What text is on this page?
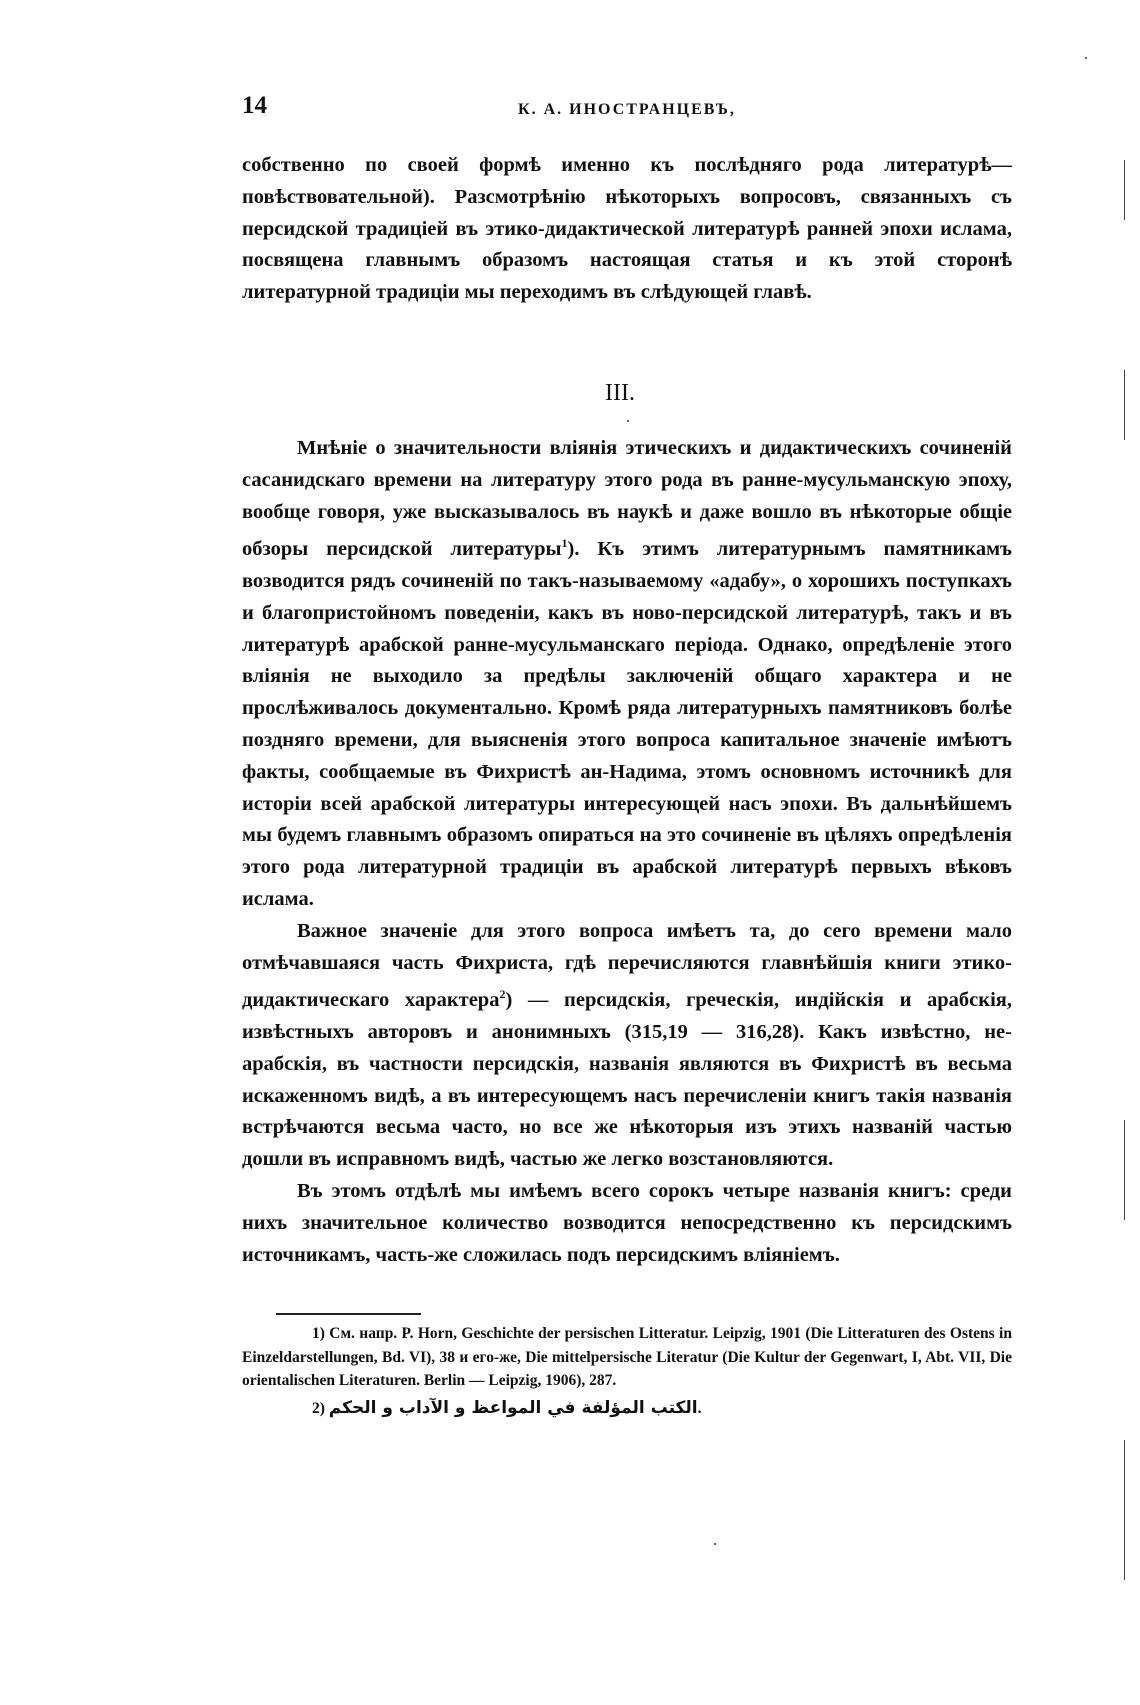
14	К. А. ИНОСТРАНЦЕВЪ,

собственно по своей формѣ именно къ послѣдняго рода литературѣ—повѣствовательной). Разсмотрѣнію нѣкоторыхъ вопросовъ, связанныхъ съ персидской традиціей въ этико-дидактической литературѣ ранней эпохи ислама, посвящена главнымъ образомъ настоящая статья и къ этой сторонѣ литературной традиціи мы переходимъ въ слѣдующей главѣ.

III.

Мнѣніе о значительности вліянія этическихъ и дидактическихъ сочиненій сасанидскаго времени на литературу этого рода въ ранне-мусульманскую эпоху, вообще говоря, уже высказывалось въ наукѣ и даже вошло въ нѣкоторые общіе обзоры персидской литературы$^1$). Къ этимъ литературнымъ памятникамъ возводится рядъ сочиненій по такъ-называемому «адабу», о хорошихъ поступкахъ и благопристойномъ поведеніи, какъ въ ново-персидской литературѣ, такъ и въ литературѣ арабской ранне-мусульманскаго періода. Однако, опредѣленіе этого вліянія не выходило за предѣлы заключеній общаго характера и не прослѣживалось документально. Кромѣ ряда литературныхъ памятниковъ болѣе поздняго времени, для выясненія этого вопроса капитальное значеніе имѣютъ факты, сообщаемые въ Фихристѣ ан-Надима, этомъ основномъ источникѣ для исторіи всей арабской литературы интересующей насъ эпохи. Въ дальнѣйшемъ мы будемъ главнымъ образомъ опираться на это сочиненіе въ цѣляхъ опредѣленія этого рода литературной традиціи въ арабской литературѣ первыхъ вѣковъ ислама.

Важное значеніе для этого вопроса имѣетъ та, до сего времени мало отмѣчавшаяся часть Фихриста, гдѣ перечисляются главнѣйшія книги этико-дидактическаго характера$^2$) — персидскія, греческія, индійскія и арабскія, извѣстныхъ авторовъ и анонимныхъ (315,19 — 316,28). Какъ извѣстно, не-арабскія, въ частности персидскія, названія являются въ Фихристѣ въ весьма искаженномъ видѣ, а въ интересующемъ насъ перечисленіи книгъ такія названія встрѣчаются весьма часто, но все же нѣкоторыя изъ этихъ названій частью дошли въ исправномъ видѣ, частью же легко возстановляются.

Въ этомъ отдѣлѣ мы имѣемъ всего сорокъ четыре названія книгъ: среди нихъ значительное количество возводится непосредственно къ персидскимъ источникамъ, часть-же сложилась подъ персидскимъ вліяніемъ.

1) См. напр. P. Horn, Geschichte der persischen Litteratur. Leipzig, 1901 (Die Litteraturen des Ostens in Einzeldarstellungen, Bd. VI), 38 и его-же, Die mittelpersische Literatur (Die Kultur der Gegenwart, I, Abt. VII, Die orientalischen Literaturen. Berlin — Leipzig, 1906), 287.

2) الكتب المؤلفة في المواعظ و الآداب و الحكم.
